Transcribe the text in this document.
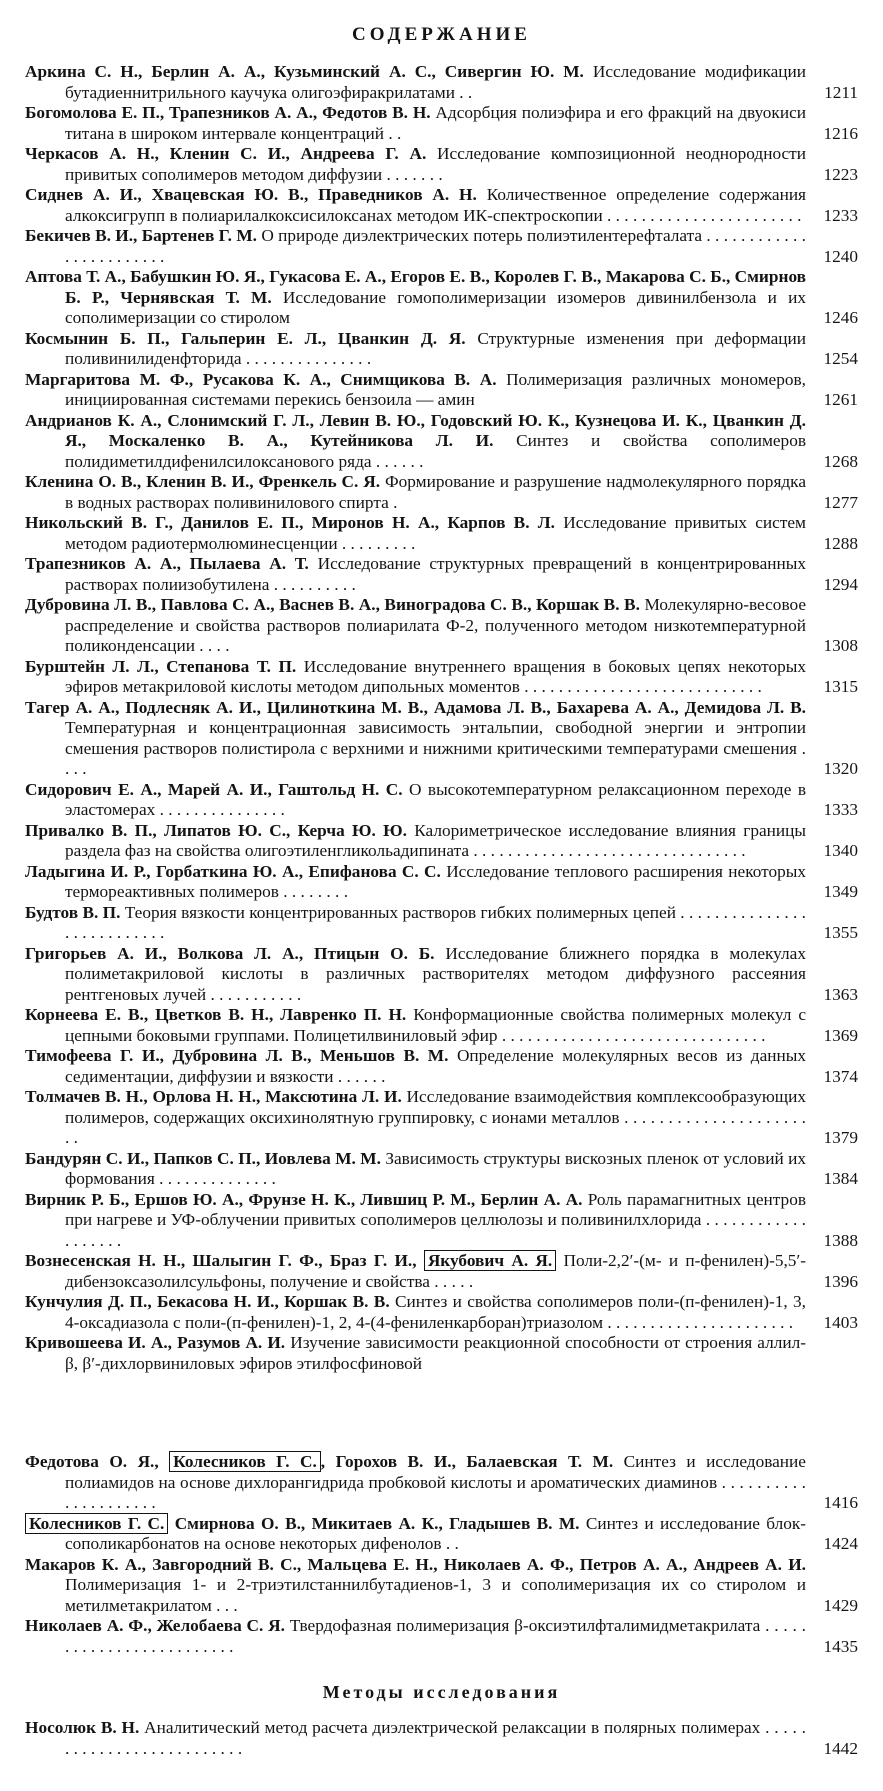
СОДЕРЖАНИЕ
Аркина С. Н., Берлин А. А., Кузьминский А. С., Сивергин Ю. М. Исследование модификации бутадиеннитрильного каучука олигоэфиракрилатами . .	1211
Богомолова Е. П., Трапезников А. А., Федотов В. Н. Адсорбция полиэфира и его фракций на двуокиси титана в широком интервале концентраций . .	1216
Черкасов А. Н., Кленин С. И., Андреева Г. А. Исследование композиционной неоднородности привитых сополимеров методом диффузии . . . . . . .	1223
Сиднев А. И., Хвацевская Ю. В., Праведников А. Н. Количественное определение содержания алкоксигрупп в полиарилалкоксисилоксанах методом ИК-спектроскопии . . . . . . . . . . . . . . . . . . . . . . .	1233
Бекичев В. И., Бартенев Г. М. О природе диэлектрических потерь полиэтилентерефталата . . . . . . . . . . . . . . . . . . . . . . . .	1240
Аптова Т. А., Бабушкин Ю. Я., Гукасова Е. А., Егоров Е. В., Королев Г. В., Макарова С. Б., Смирнов Б. Р., Чернявская Т. М. Исследование гомополимеризации изомеров дивинилбензола и их сополимеризации со стиролом	1246
Космынин Б. П., Гальперин Е. Л., Цванкин Д. Я. Структурные изменения при деформации поливинилиденфторида . . . . . . . . . . . . . . .	1254
Маргаритова М. Ф., Русакова К. А., Снимщикова В. А. Полимеризация различных мономеров, инициированная системами перекись бензоила — амин	1261
Андрианов К. А., Слонимский Г. Л., Левин В. Ю., Годовский Ю. К., Кузнецова И. К., Цванкин Д. Я., Москаленко В. А., Кутейникова Л. И. Синтез и свойства сополимеров полидиметилдифенилсилоксанового ряда . . . . . .	1268
Кленина О. В., Кленин В. И., Френкель С. Я. Формирование и разрушение надмолекулярного порядка в водных растворах поливинилового спирта .	1277
Никольский В. Г., Данилов Е. П., Миронов Н. А., Карпов В. Л. Исследование привитых систем методом радиотермолюминесценции . . . . . . . . .	1288
Трапезников А. А., Пылаева А. Т. Исследование структурных превращений в концентрированных растворах полиизобутилена . . . . . . . . . .	1294
Дубровина Л. В., Павлова С. А., Васнев В. А., Виноградова С. В., Коршак В. В. Молекулярно-весовое распределение и свойства растворов полиарилата Ф-2, полученного методом низкотемпературной поликонденсации . . . .	1308
Бурштейн Л. Л., Степанова Т. П. Исследование внутреннего вращения в боковых цепях некоторых эфиров метакриловой кислоты методом дипольных моментов . . . . . . . . . . . . . . . . . . . . . . . . . . . .	1315
Тагер А. А., Подлесняк А. И., Цилиноткина М. В., Адамова Л. В., Бахарева А. А., Демидова Л. В. Температурная и концентрационная зависимость энтальпии, свободной энергии и энтропии смешения растворов полистирола с верхними и нижними критическими температурами смешения . . . .	1320
Сидорович Е. А., Марей А. И., Гаштольд Н. С. О высокотемпературном релаксационном переходе в эластомерах . . . . . . . . . . . . . . .	1333
Привалко В. П., Липатов Ю. С., Керча Ю. Ю. Калориметрическое исследование влияния границы раздела фаз на свойства олигоэтиленгликольадипината . . . . . . . . . . . . . . . . . . . . . . . . . . . . . . . .	1340
Ладыгина И. Р., Горбаткина Ю. А., Епифанова С. С. Исследование теплового расширения некоторых термореактивных полимеров . . . . . . . .	1349
Будтов В. П. Теория вязкости концентрированных растворов гибких полимерных цепей . . . . . . . . . . . . . . . . . . . . . . . . . . .	1355
Григорьев А. И., Волкова Л. А., Птицын О. Б. Исследование ближнего порядка в молекулах полиметакриловой кислоты в различных растворителях методом диффузного рассеяния рентгеновых лучей . . . . . . . . . . .	1363
Корнеева Е. В., Цветков В. Н., Лавренко П. Н. Конформационные свойства полимерных молекул с цепными боковыми группами. Полицетилвиниловый эфир . . . . . . . . . . . . . . . . . . . . . . . . . . . . . . .	1369
Тимофеева Г. И., Дубровина Л. В., Меньшов В. М. Определение молекулярных весов из данных седиментации, диффузии и вязкости . . . . . .	1374
Толмачев В. Н., Орлова Н. Н., Максютина Л. И. Исследование взаимодействия комплексообразующих полимеров, содержащих оксихинолятную группировку, с ионами металлов . . . . . . . . . . . . . . . . . . . . . . .	1379
Бандурян С. И., Папков С. П., Иовлева М. М. Зависимость структуры вискозных пленок от условий их формования . . . . . . . . . . . . . .	1384
Вирник Р. Б., Ершов Ю. А., Фрунзе Н. К., Лившиц Р. М., Берлин А. А. Роль парамагнитных центров при нагреве и УФ-облучении привитых сополимеров целлюлозы и поливинилхлорида . . . . . . . . . . . . . . . . . . .	1388
Вознесенская Н. Н., Шалыгин Г. Ф., Браз Г. И., Якубович А. Я. Поли-2,2′-(м- и п-фенилен)-5,5′-дибензоксазолилсульфоны, получение и свойства . . . . .	1396
Кунчулия Д. П., Бекасова Н. И., Коршак В. В. Синтез и свойства сополимеров поли-(п-фенилен)-1, 3, 4-оксадиазола с поли-(п-фенилен)-1, 2, 4-(4-фениленкарборан)триазолом . . . . . . . . . . . . . . . . . . . . . .	1403
Кривошеева И. А., Разумов А. И. Изучение зависимости реакционной способности от строения аллил-β, β′-дихлорвиниловых эфиров этилфосфиновой
Федотова О. Я., Колесников Г. С. , Горохов В. И., Балаевская Т. М. Синтез и исследование полиамидов на основе дихлорангидрида пробковой кислоты и ароматических диаминов . . . . . . . . . . . . . . . . . . . . .	1416
Колесников Г. С. Смирнова О. В., Микитаев А. К., Гладышев В. М. Синтез и исследование блок-сополикарбонатов на основе некоторых дифенолов . .	1424
Макаров К. А., Завгородний В. С., Мальцева Е. Н., Николаев А. Ф., Петров А. А., Андреев А. И. Полимеризация 1- и 2-триэтилстаннилбутадиенов-1, 3 и сополимеризация их со стиролом и метилметакрилатом . . .	1429
Николаев А. Ф., Желобаева С. Я. Твердофазная полимеризация β-оксиэтилфталимидметакрилата . . . . . . . . . . . . . . . . . . . . . . . . .	1435
Методы исследования
Носолюк В. Н. Аналитический метод расчета диэлектрической релаксации в полярных полимерах . . . . . . . . . . . . . . . . . . . . . . . . . .	1442
